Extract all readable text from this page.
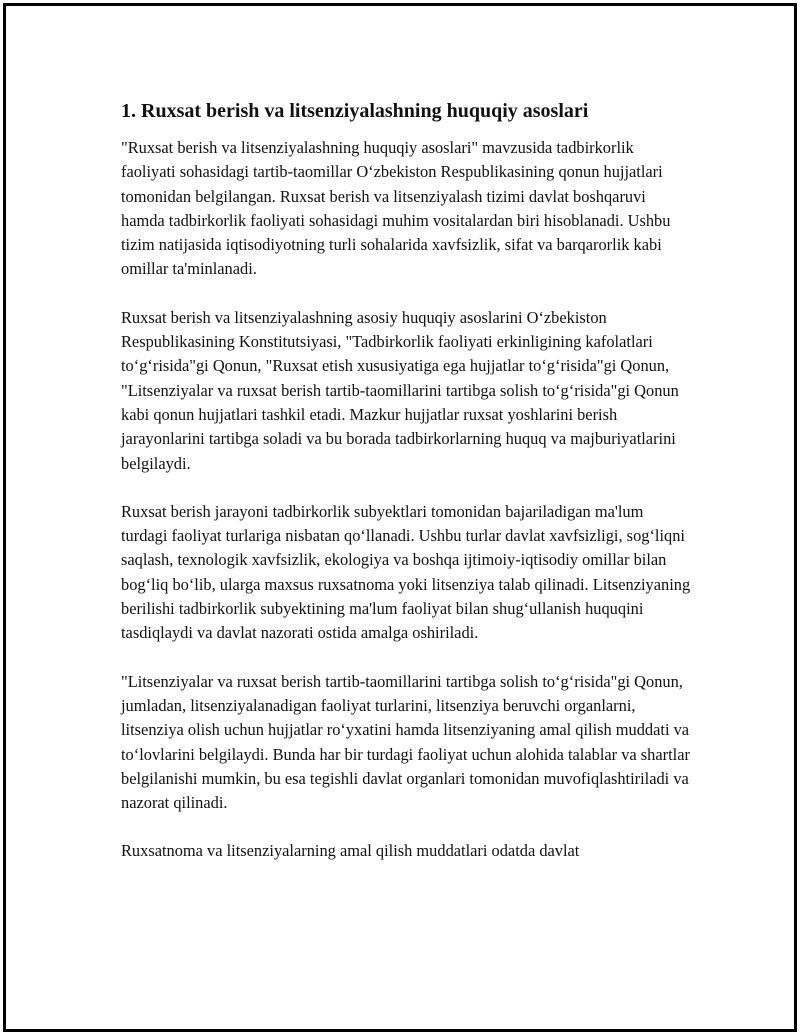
1. Ruxsat berish va litsenziyalashning huquqiy asoslari

"Ruxsat berish va litsenziyalashning huquqiy asoslari" mavzusida tadbirkorlik faoliyati sohasidagi tartib-taomillar O‘zbekiston Respublikasining qonun hujjatlari tomonidan belgilangan. Ruxsat berish va litsenziyalash tizimi davlat boshqaruvi hamda tadbirkorlik faoliyati sohasidagi muhim vositalardan biri hisoblanadi. Ushbu tizim natijasida iqtisodiyotning turli sohalarida xavfsizlik, sifat va barqarorlik kabi omillar ta'minlanadi.

Ruxsat berish va litsenziyalashning asosiy huquqiy asoslarini O‘zbekiston Respublikasining Konstitutsiyasi, "Tadbirkorlik faoliyati erkinligining kafolatlari to‘g‘risida"gi Qonun, "Ruxsat etish xususiyatiga ega hujjatlar to‘g‘risida"gi Qonun, "Litsenziyalar va ruxsat berish tartib-taomillarini tartibga solish to‘g‘risida"gi Qonun kabi qonun hujjatlari tashkil etadi. Mazkur hujjatlar ruxsat yoshlarini berish jarayonlarini tartibga soladi va bu borada tadbirkorlarning huquq va majburiyatlarini belgilaydi.

Ruxsat berish jarayoni tadbirkorlik subyektlari tomonidan bajariladigan ma'lum turdagi faoliyat turlariga nisbatan qo‘llanadi. Ushbu turlar davlat xavfsizligi, sog‘liqni saqlash, texnologik xavfsizlik, ekologiya va boshqa ijtimoiy-iqtisodiy omillar bilan bog‘liq bo‘lib, ularga maxsus ruxsatnoma yoki litsenziya talab qilinadi. Litsenziyaning berilishi tadbirkorlik subyektining ma'lum faoliyat bilan shug‘ullanish huquqini tasdiqlaydi va davlat nazorati ostida amalga oshiriladi.

"Litsenziyalar va ruxsat berish tartib-taomillarini tartibga solish to‘g‘risida"gi Qonun, jumladan, litsenziyalanadigan faoliyat turlarini, litsenziya beruvchi organlarni, litsenziya olish uchun hujjatlar ro‘yxatini hamda litsenziyaning amal qilish muddati va to‘lovlarini belgilaydi. Bunda har bir turdagi faoliyat uchun alohida talablar va shartlar belgilanishi mumkin, bu esa tegishli davlat organlari tomonidan muvofiqlashtiriladi va nazorat qilinadi.

Ruxsatnoma va litsenziyalarning amal qilish muddatlari odatda davlat
